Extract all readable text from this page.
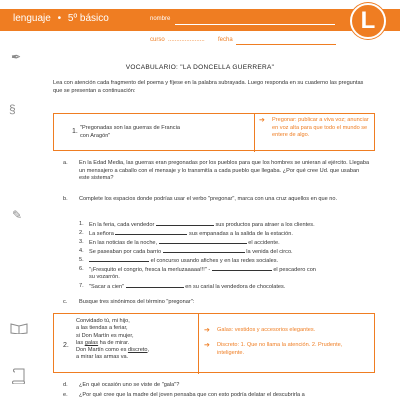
lenguaje • 5º básico	nombre
curso ...................... fecha
L
✒
§
✎
VOCABULARIO: "LA DONCELLA GUERRERA"
Lea con atención cada fragmento del poema y fíjese en la palabra subrayada. Luego responda en su cuaderno las preguntas que se presentan a continuación:
1. "Pregonadas son las guerras de Francia con Aragón"
➔ Pregonar: publicar a viva voz; anunciar en voz alta para que todo el mundo se entere de algo.
a. En la Edad Media, las guerras eran pregonadas por los pueblos para que los hombres se unieran al ejército. Llegaba un mensajero a caballo con el mensaje y lo transmitía a cada pueblo que llegaba. ¿Por qué cree Ud. que usaban este sistema?
b. Complete los espacios donde podrías usar el verbo "pregonar", marca con una cruz aquellos en que no.
1. En la feria, cada vendedor	sus productos para atraer a los clientes.
2. La señora	sus empanadas a la salida de la estación.
3. En las noticias de la noche,	el accidente.
4. Se paseaban por cada barrio	la venida del circo.
5.	el concurso usando afiches y en las redes sociales.
6. "¡Fresquito el congrio, fresca la merluzaaaaa!!!" -	el pescadero con
su vozarrón.
7. "Sacar a cien"	en su carial la vendedora de chocolates.
c. Busque tres sinónimos del término "pregonar":
2.
Convidado tú, mi hijo,
a las tiendas a feriar,
si Don Martín es mujer,
las galas ha de mirar.
Don Martín como es discreto,
a mirar las armas va.
➔ Galas: vestidos y accesorios elegantes.
➔ Discreto: 1. Que no llama la atención. 2. Prudente, inteligente.
d. ¿En qué ocasión uno se viste de "gala"?
e. ¿Por qué cree que la madre del joven pensaba que con esto podría delatar el descubrirla a
